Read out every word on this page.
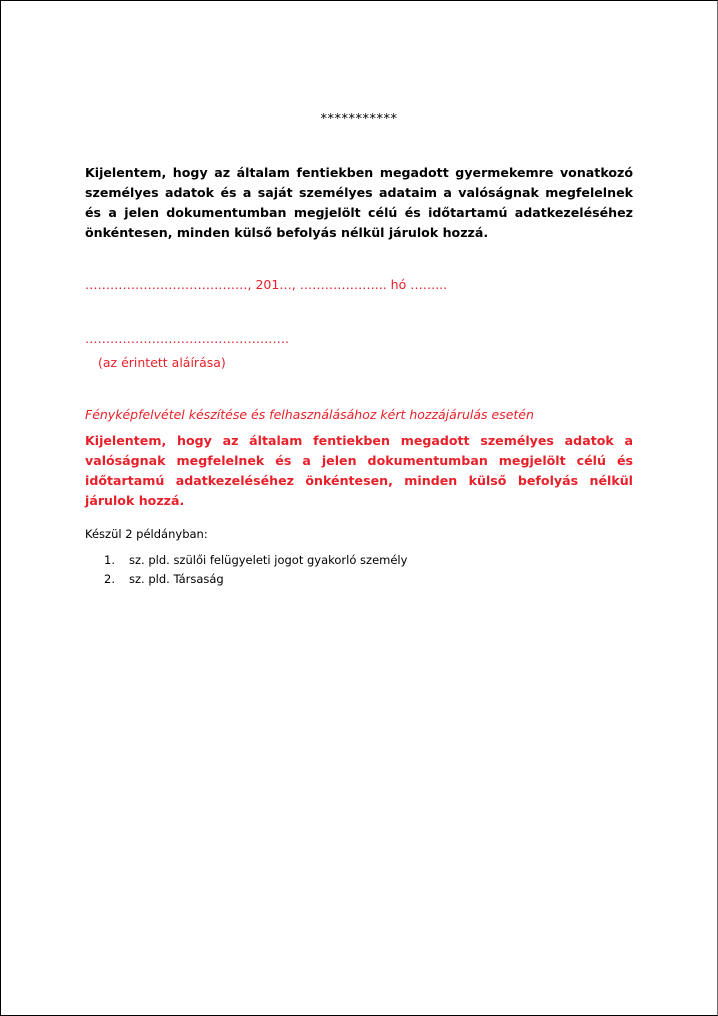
***********

Kijelentem, hogy az általam fentiekben megadott gyermekemre vonatkozó személyes adatok és a saját személyes adataim a valóságnak megfelelnek és a jelen dokumentumban megjelölt célú és időtartamú adatkezeléséhez önkéntesen, minden külső befolyás nélkül járulok hozzá.

…………………………………, 201…, ………………... hó ……...
………………………………………….
(az érintett aláírása)
Fényképfelvétel készítése és felhasználásához kért hozzájárulás esetén

Kijelentem, hogy az általam fentiekben megadott személyes adatok a valóságnak megfelelnek és a jelen dokumentumban megjelölt célú és időtartamú adatkezeléséhez önkéntesen, minden külső befolyás nélkül járulok hozzá.

Készül 2 példányban:
1.	sz. pld. szülői felügyeleti jogot gyakorló személy
2.	sz. pld. Társaság
